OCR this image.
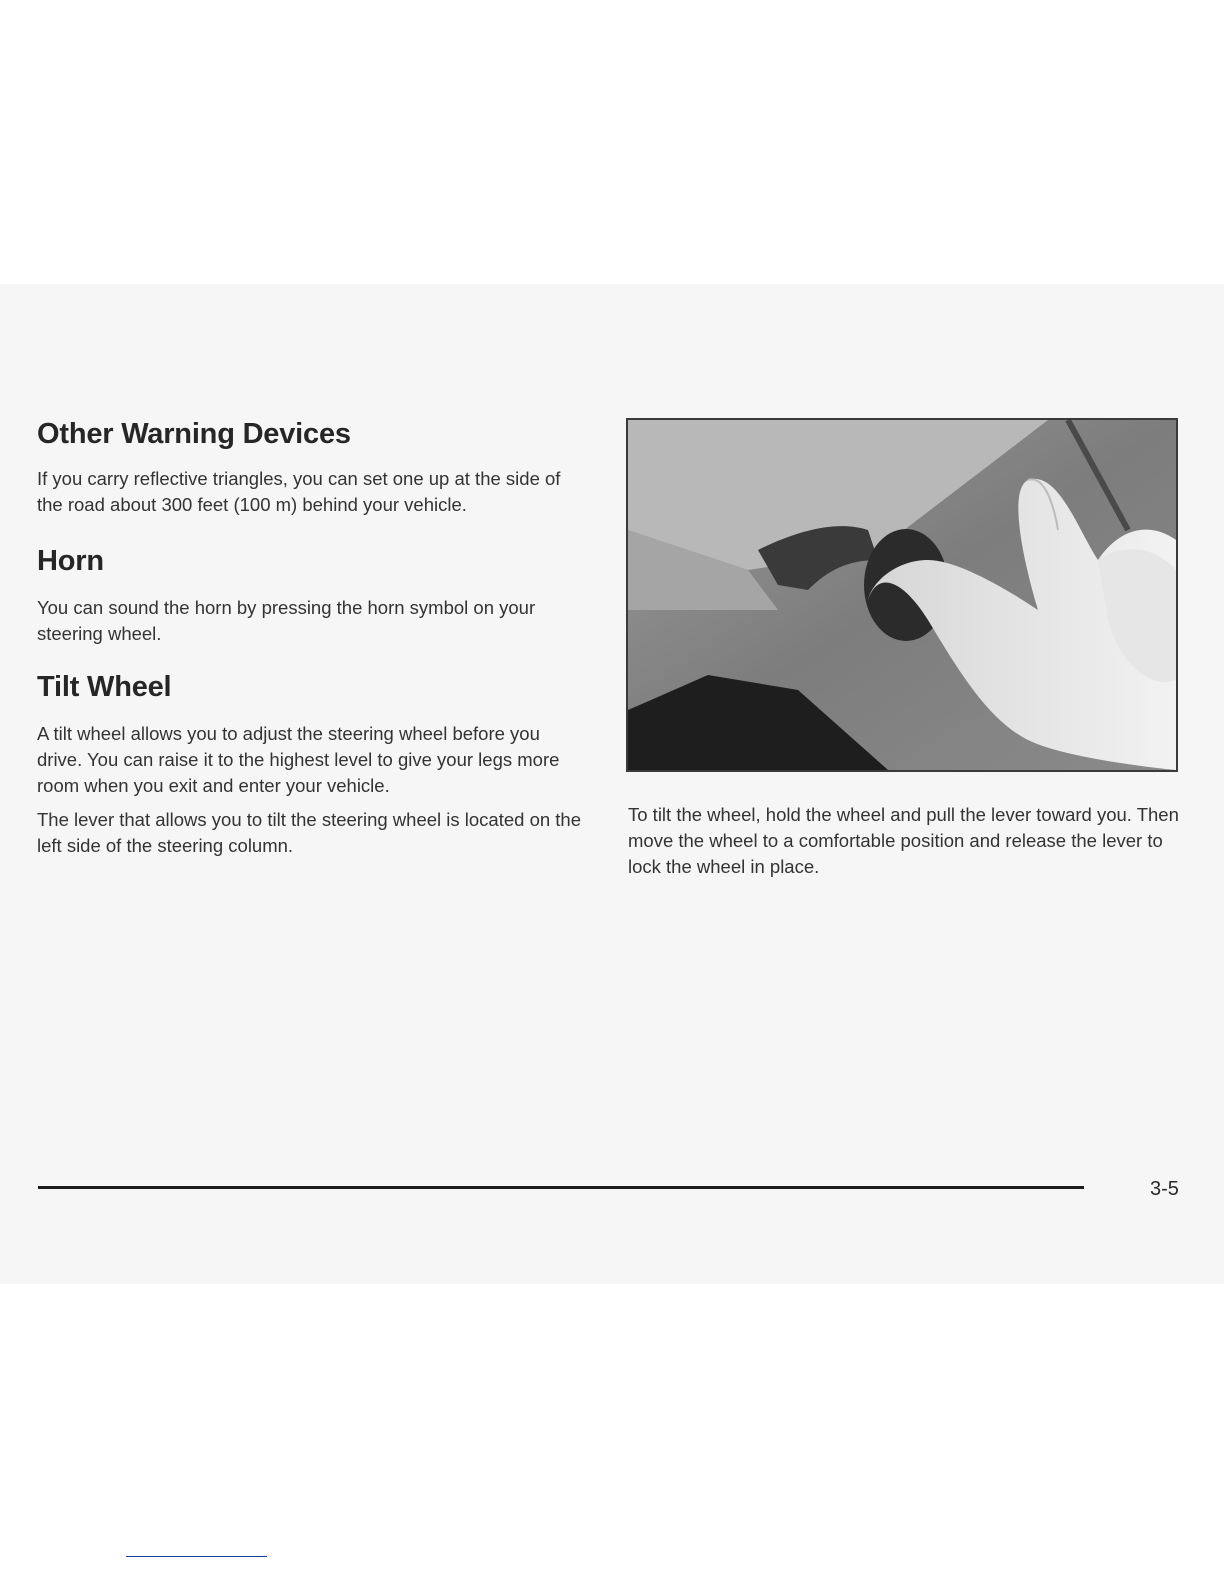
Other Warning Devices

If you carry reflective triangles, you can set one up at the side of the road about 300 feet (100 m) behind your vehicle.

Horn

You can sound the horn by pressing the horn symbol on your steering wheel.

Tilt Wheel

A tilt wheel allows you to adjust the steering wheel before you drive. You can raise it to the highest level to give your legs more room when you exit and enter your vehicle.

The lever that allows you to tilt the steering wheel is located on the left side of the steering column.

To tilt the wheel, hold the wheel and pull the lever toward you. Then move the wheel to a comfortable position and release the lever to lock the wheel in place.

3-5
